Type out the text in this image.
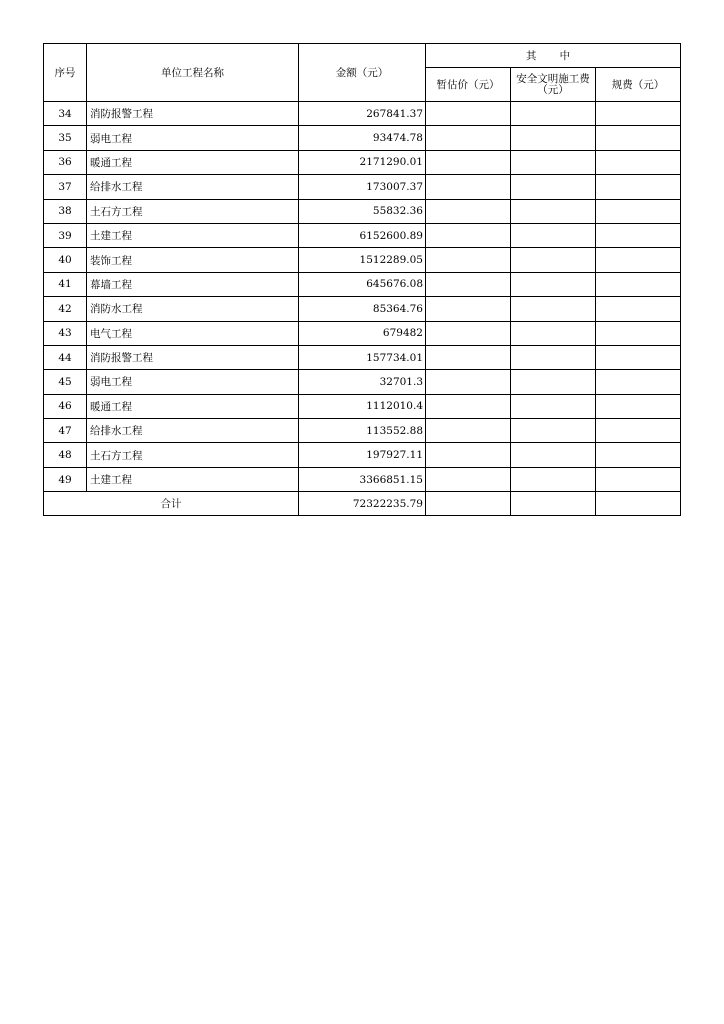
序号	单位工程名称	金额（元）	其 中		
			暂估价（元）	安全文明施工费（元）	规费（元）
34	消防报警工程	267841.37			
35	弱电工程	93474.78			
36	暖通工程	2171290.01			
37	给排水工程	173007.37			
38	土石方工程	55832.36			
39	土建工程	6152600.89			
40	装饰工程	1512289.05			
41	幕墙工程	645676.08			
42	消防水工程	85364.76			
43	电气工程	679482			
44	消防报警工程	157734.01			
45	弱电工程	32701.3			
46	暖通工程	1112010.4			
47	给排水工程	113552.88			
48	土石方工程	197927.11			
49	土建工程	3366851.15			
合计		72322235.79			
